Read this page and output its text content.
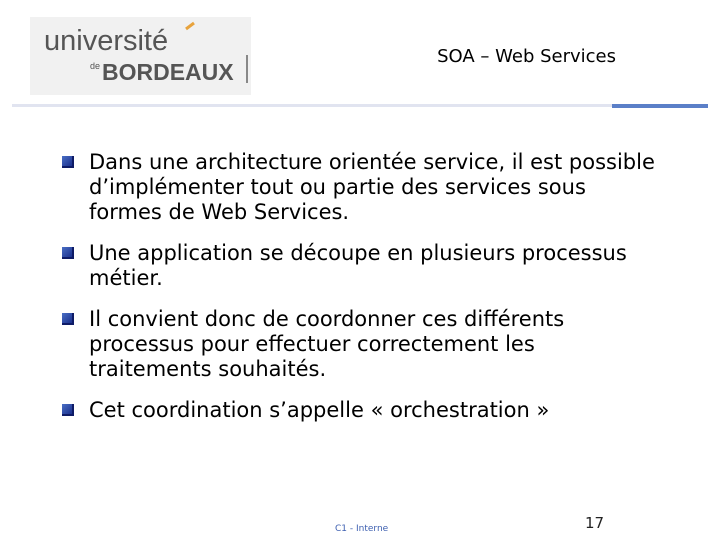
université
de BORDEAUX
SOA – Web Services
Dans une architecture orientée service, il est possible d’implémenter tout ou partie des services sous formes de Web Services.
Une application se découpe en plusieurs processus métier.
Il convient donc de coordonner ces différents processus pour effectuer correctement les traitements souhaités.
Cet coordination s’appelle « orchestration »
C1 - Interne	17
